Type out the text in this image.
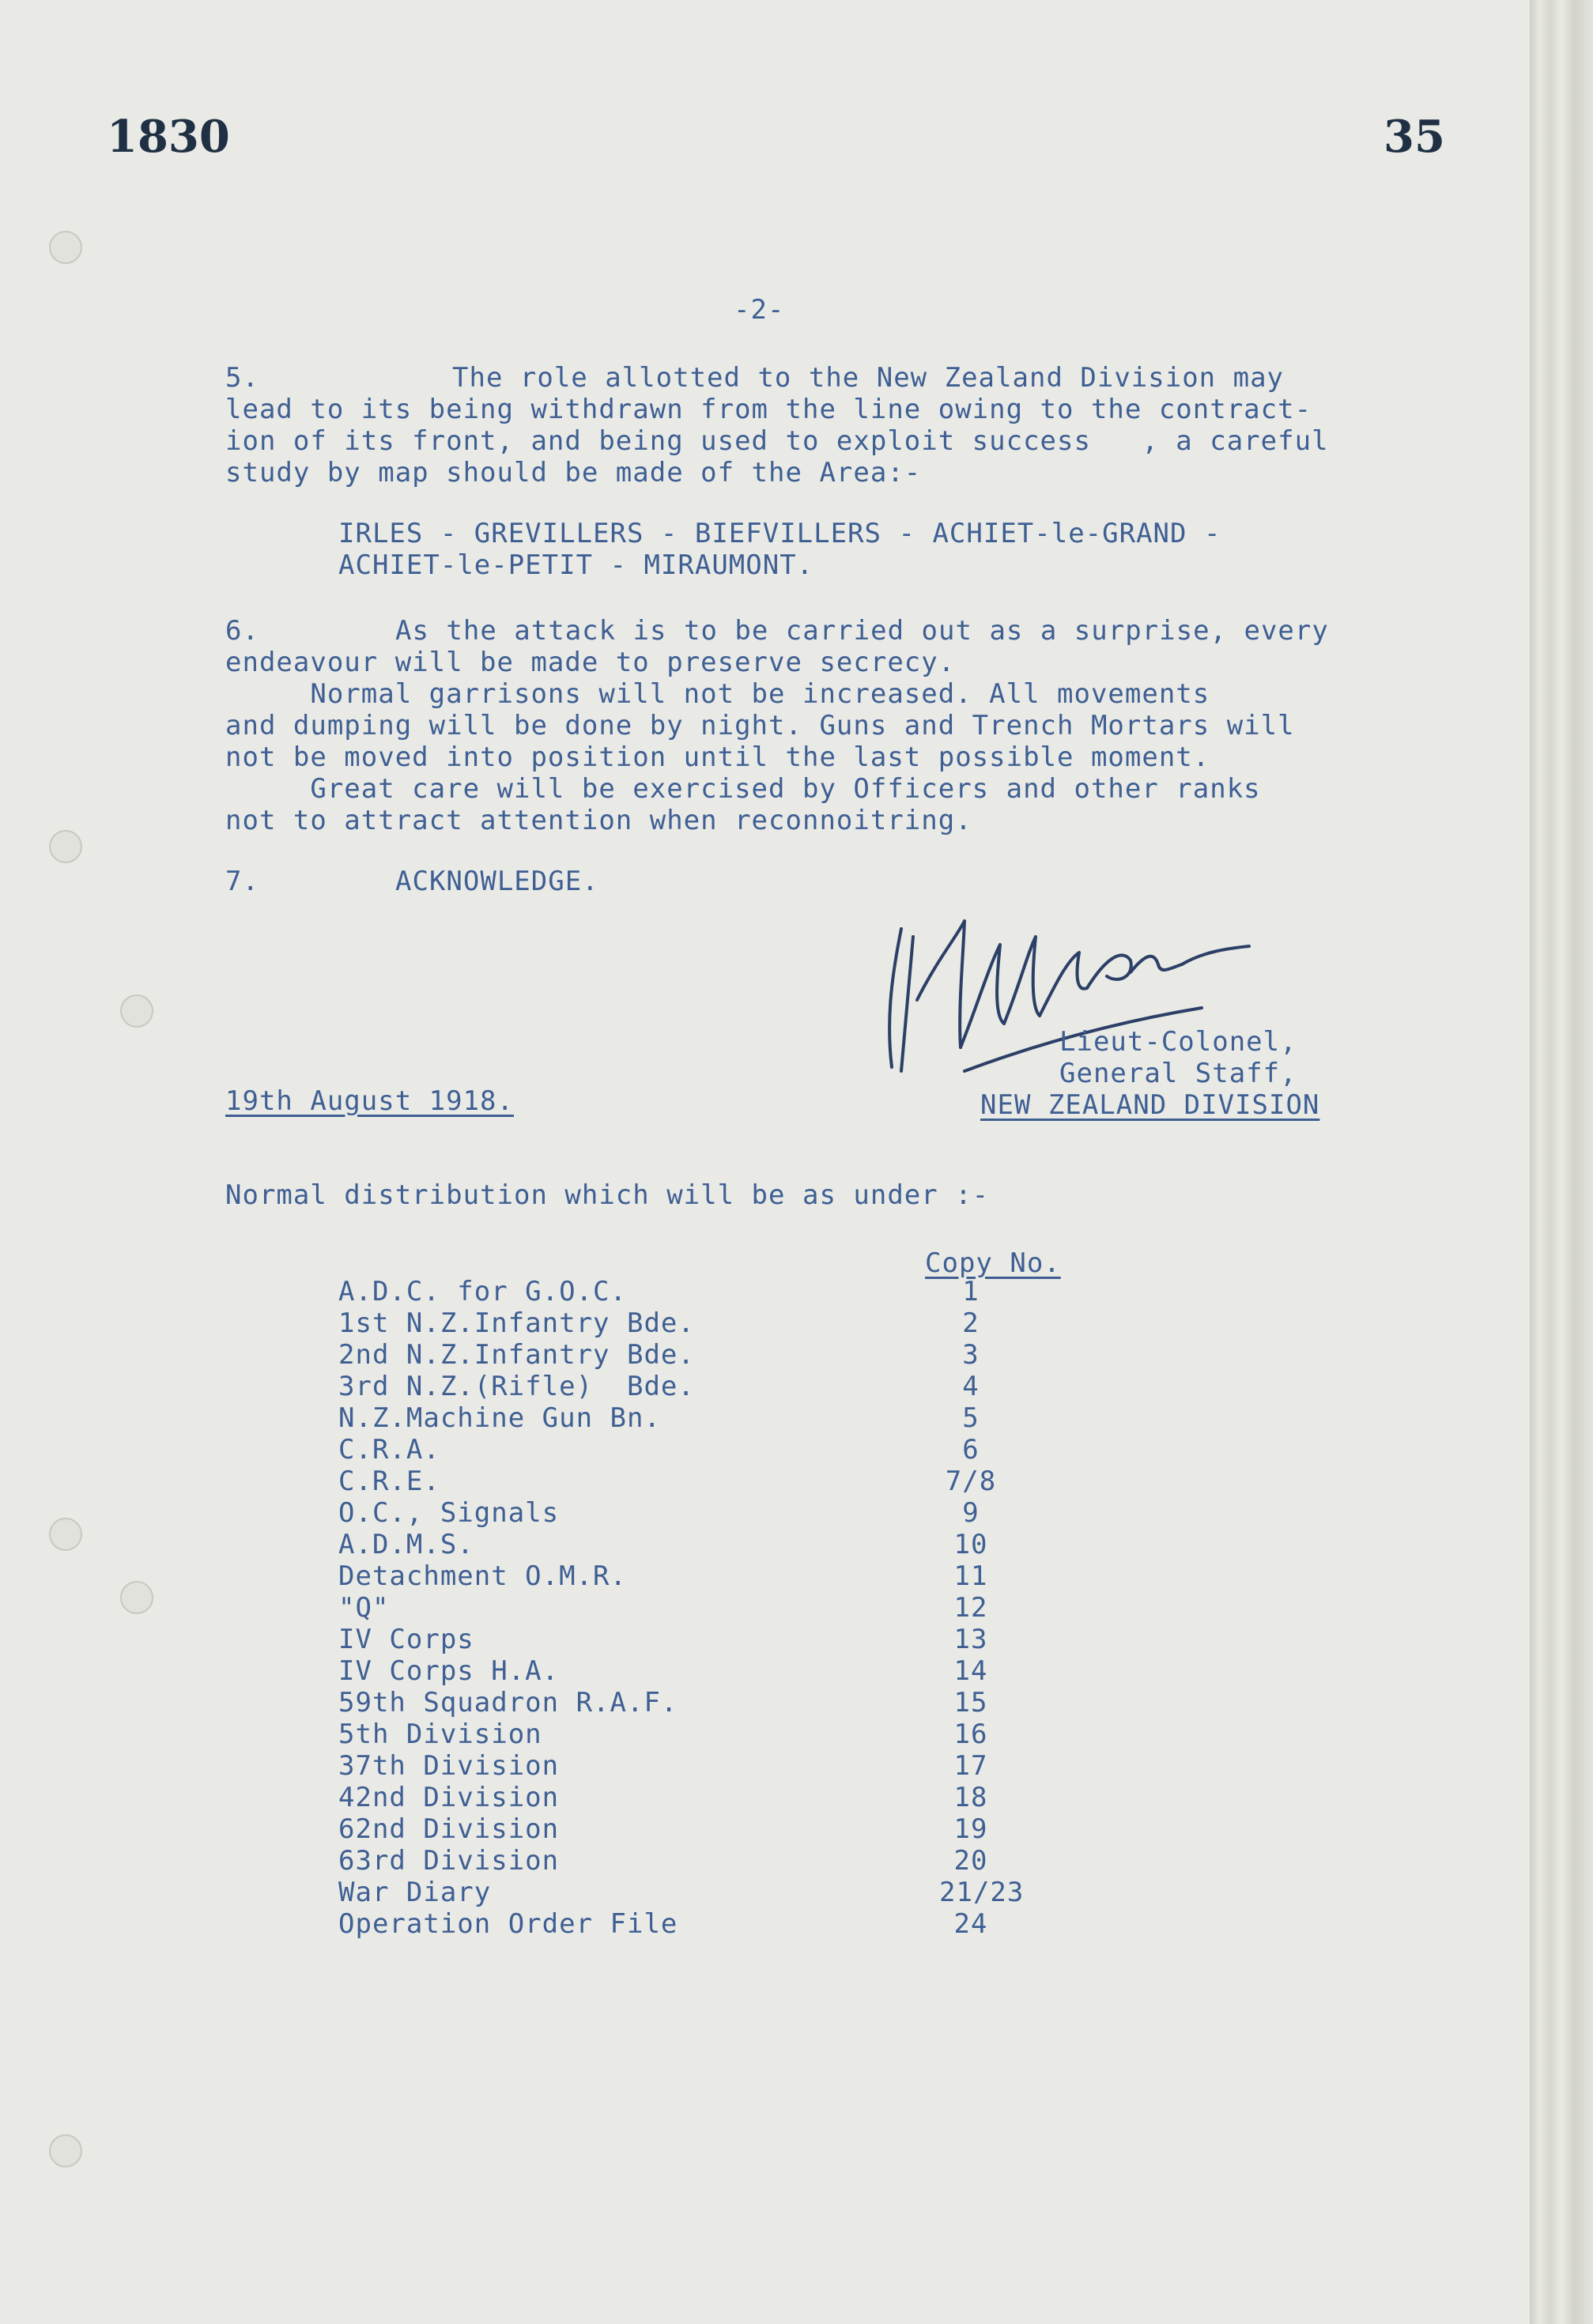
1830	35
-2-
5.	The role allotted to the New Zealand Division may
lead to its being withdrawn from the line owing to the contract-
ion of its front, and being used to exploit success   , a careful
study by map should be made of the Area:-
IRLES - GREVILLERS - BIEFVILLERS - ACHIET-le-GRAND -
ACHIET-le-PETIT - MIRAUMONT.
6.	As the attack is to be carried out as a surprise, every
endeavour will be made to preserve secrecy.
Normal garrisons will not be increased. All movements
and dumping will be done by night. Guns and Trench Mortars will
not be moved into position until the last possible moment.
Great care will be exercised by Officers and other ranks
not to attract attention when reconnoitring.
7.	ACKNOWLEDGE.
Lieut-Colonel,
General Staff,
NEW ZEALAND DIVISION
19th August 1918.
Normal distribution which will be as under :-
Copy No.
A.D.C. for G.O.C.	1
1st N.Z.Infantry Bde.	2
2nd N.Z.Infantry Bde.	3
3rd N.Z.(Rifle)  Bde.	4
N.Z.Machine Gun Bn.	5
C.R.A.	6
C.R.E.	7/8
O.C., Signals	9
A.D.M.S.	10
Detachment O.M.R.	11
"Q"	12
IV Corps	13
IV Corps H.A.	14
59th Squadron R.A.F.	15
5th Division	16
37th Division	17
42nd Division	18
62nd Division	19
63rd Division	20
War Diary	21/23
Operation Order File	24
